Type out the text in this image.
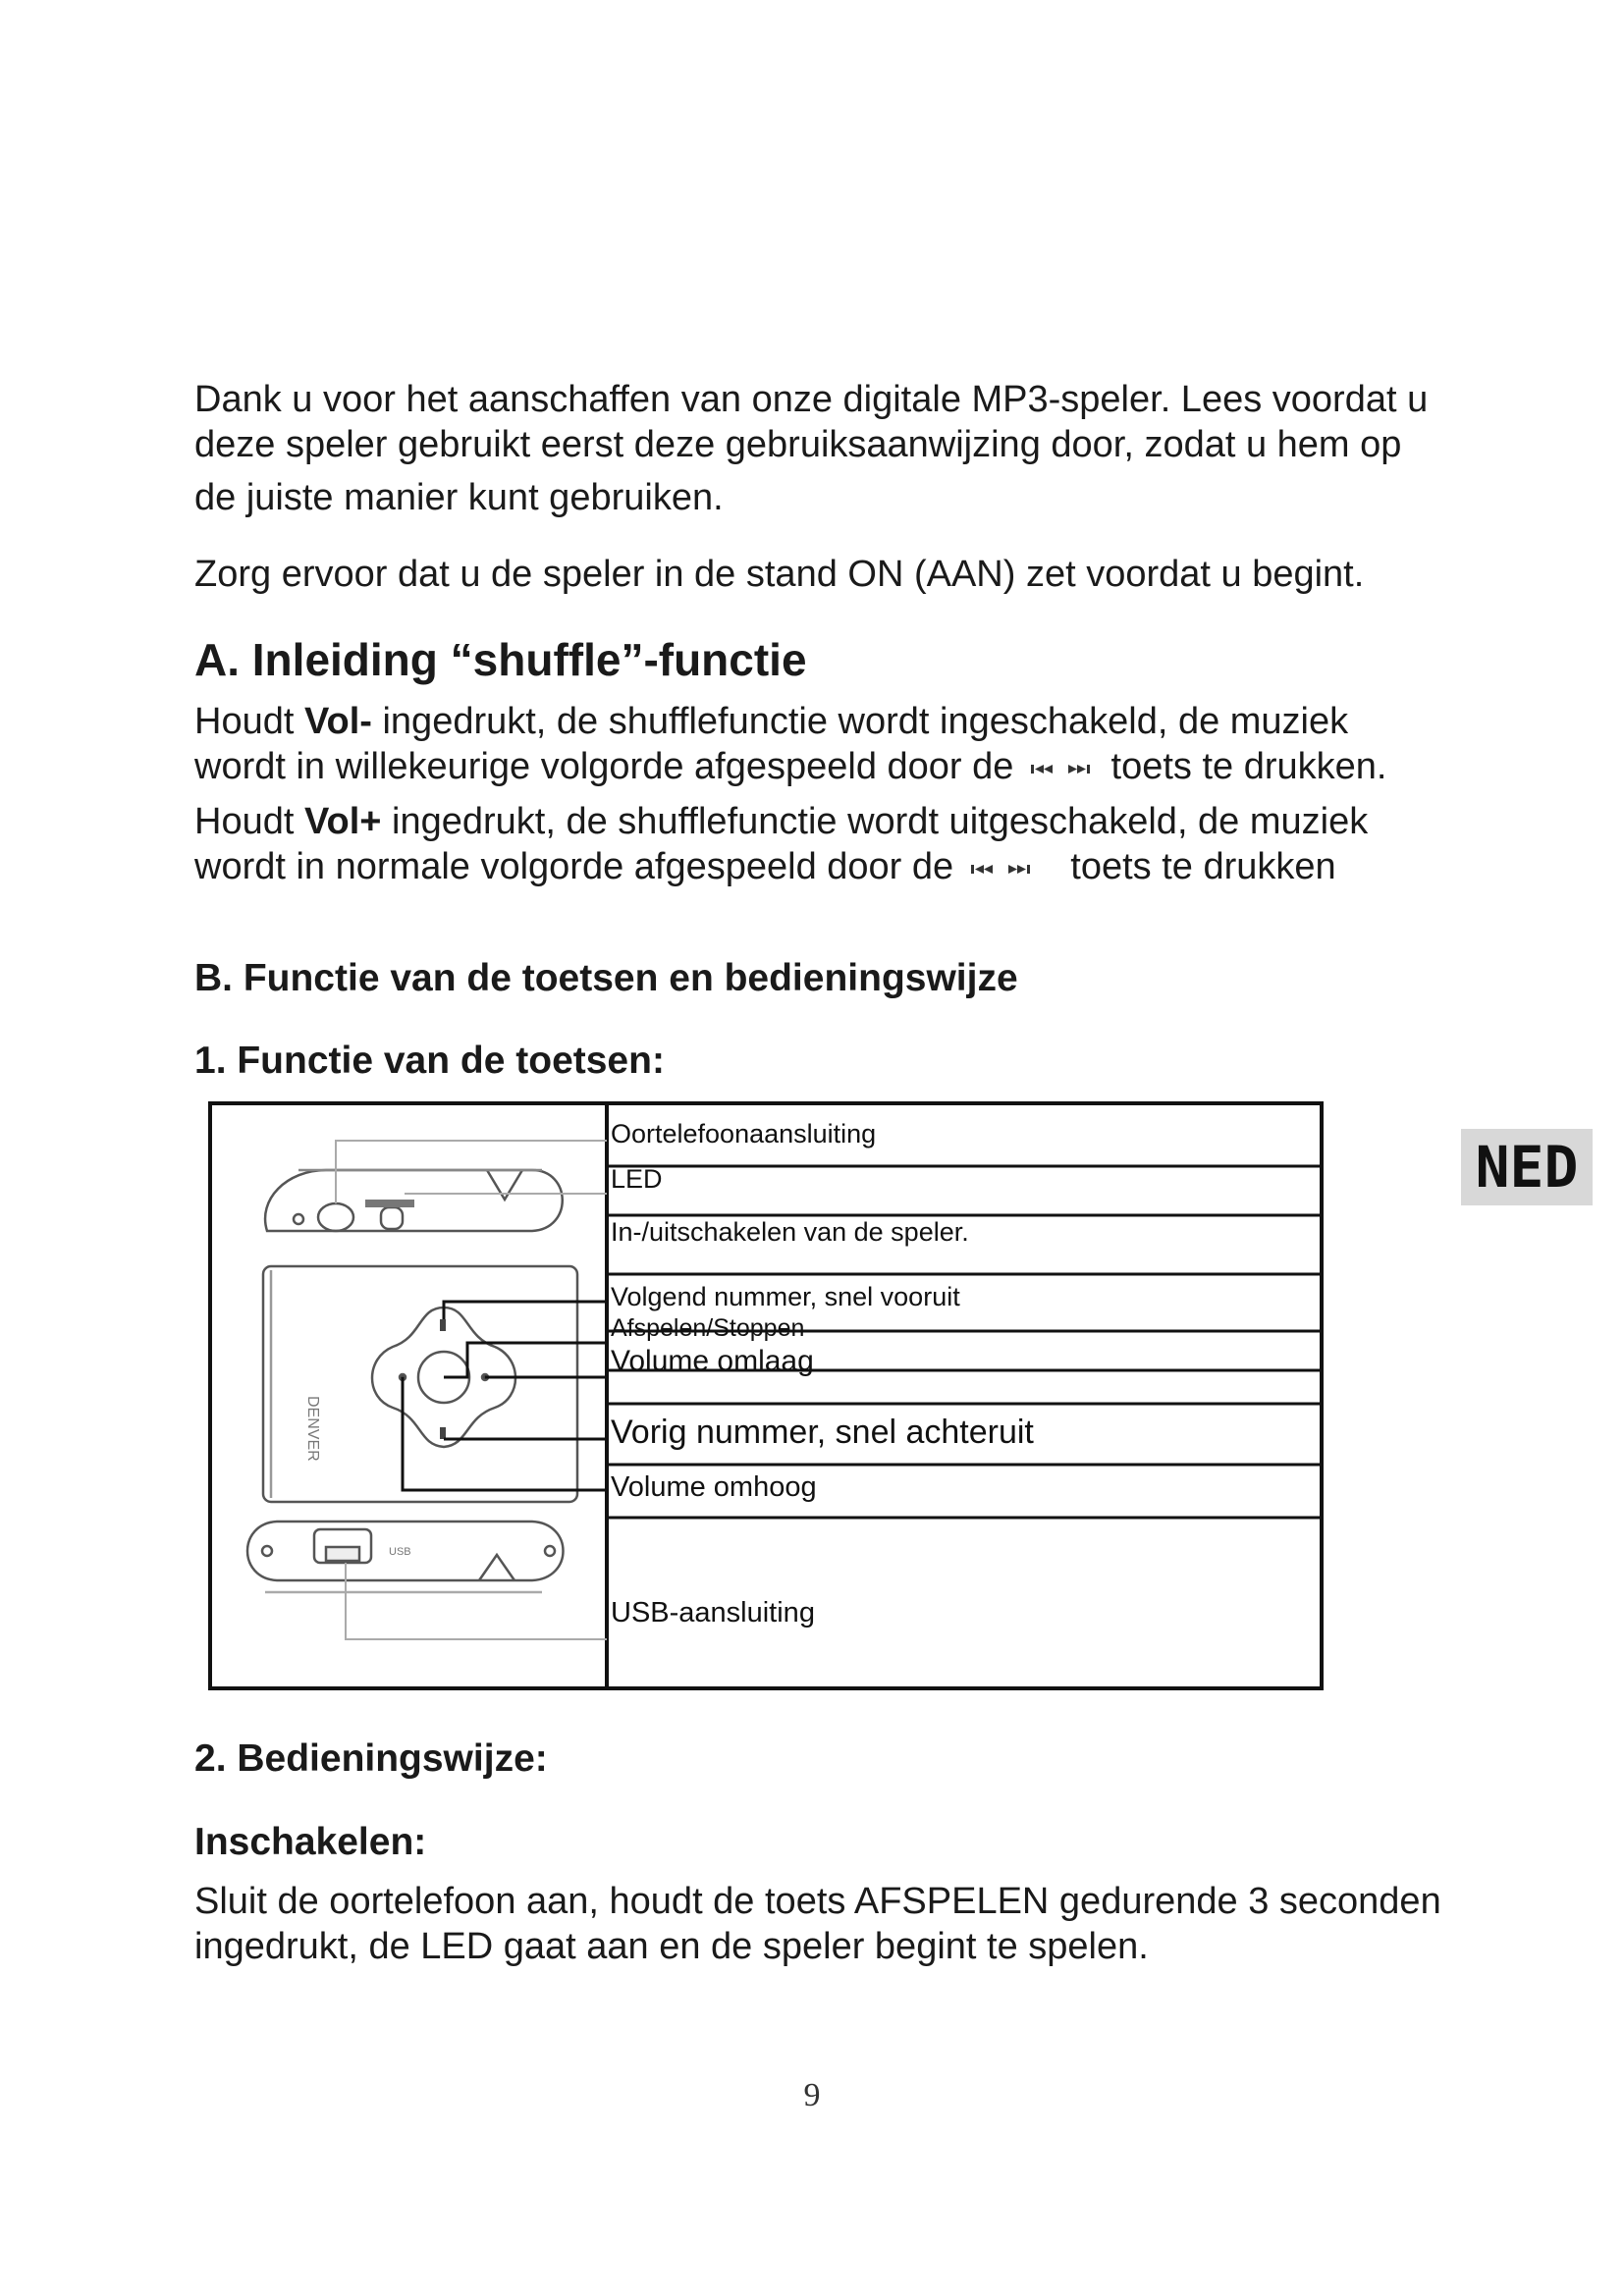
Dank u voor het aanschaffen van onze digitale MP3-speler. Lees voordat u
deze speler gebruikt eerst deze gebruiksaanwijzing door, zodat u hem op
de juiste manier kunt gebruiken.

Zorg ervoor dat u de speler in de stand ON (AAN) zet voordat u begint.

A. Inleiding “shuffle”-functie

Houdt Vol- ingedrukt, de shufflefunctie wordt ingeschakeld, de muziek
wordt in willekeurige volgorde afgespeeld door de	toets te drukken.

Houdt Vol+ ingedrukt, de shufflefunctie wordt uitgeschakeld, de muziek
wordt in normale volgorde afgespeeld door de	toets te drukken

B. Functie van de toetsen en bedieningswijze
1. Functie van de toetsen:
USB
DENVER
Oortelefoonaansluiting
LED
In-/uitschakelen van de speler.
Volgend nummer, snel vooruit
Afspelen/Stoppen
Volume omlaag
Vorig nummer, snel achteruit
Volume omhoog
USB-aansluiting
NED
2. Bedieningswijze:
Inschakelen:

Sluit de oortelefoon aan, houdt de toets AFSPELEN gedurende 3 seconden
ingedrukt, de LED gaat aan en de speler begint te spelen.

9
